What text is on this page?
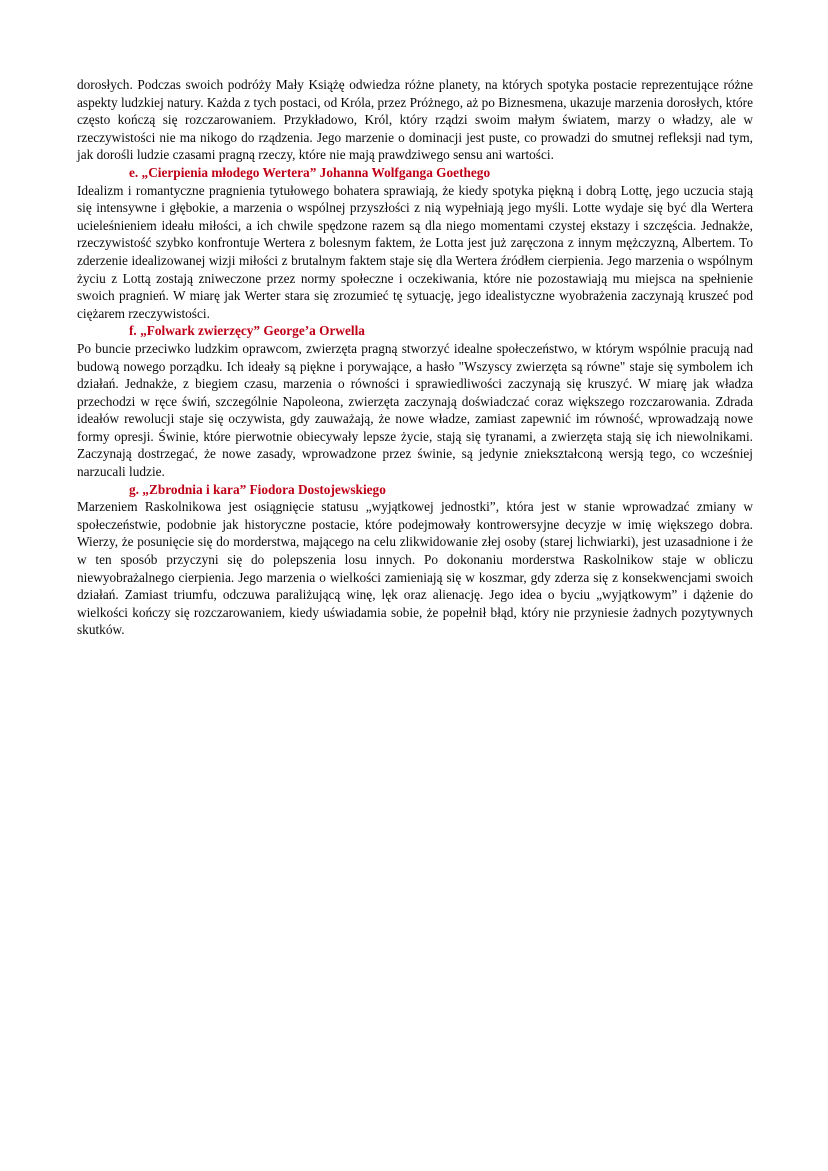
dorosłych. Podczas swoich podróży Mały Książę odwiedza różne planety, na których spotyka postacie reprezentujące różne aspekty ludzkiej natury. Każda z tych postaci, od Króla, przez Próżnego, aż po Biznesmena, ukazuje marzenia dorosłych, które często kończą się rozczarowaniem. Przykładowo, Król, który rządzi swoim małym światem, marzy o władzy, ale w rzeczywistości nie ma nikogo do rządzenia. Jego marzenie o dominacji jest puste, co prowadzi do smutnej refleksji nad tym, jak dorośli ludzie czasami pragną rzeczy, które nie mają prawdziwego sensu ani wartości.

e. „Cierpienia młodego Wertera” Johanna Wolfganga Goethego

Idealizm i romantyczne pragnienia tytułowego bohatera sprawiają, że kiedy spotyka piękną i dobrą Lottę, jego uczucia stają się intensywne i głębokie, a marzenia o wspólnej przyszłości z nią wypełniają jego myśli. Lotte wydaje się być dla Wertera ucieleśnieniem ideału miłości, a ich chwile spędzone razem są dla niego momentami czystej ekstazy i szczęścia. Jednakże, rzeczywistość szybko konfrontuje Wertera z bolesnym faktem, że Lotta jest już zaręczona z innym mężczyzną, Albertem. To zderzenie idealizowanej wizji miłości z brutalnym faktem staje się dla Wertera źródłem cierpienia. Jego marzenia o wspólnym życiu z Lottą zostają zniweczone przez normy społeczne i oczekiwania, które nie pozostawiają mu miejsca na spełnienie swoich pragnień. W miarę jak Werter stara się zrozumieć tę sytuację, jego idealistyczne wyobrażenia zaczynają kruszeć pod ciężarem rzeczywistości.

f. „Folwark zwierzęcy” George’a Orwella

Po buncie przeciwko ludzkim oprawcom, zwierzęta pragną stworzyć idealne społeczeństwo, w którym wspólnie pracują nad budową nowego porządku. Ich ideały są piękne i porywające, a hasło "Wszyscy zwierzęta są równe" staje się symbolem ich działań. Jednakże, z biegiem czasu, marzenia o równości i sprawiedliwości zaczynają się kruszyć. W miarę jak władza przechodzi w ręce świń, szczególnie Napoleona, zwierzęta zaczynają doświadczać coraz większego rozczarowania. Zdrada ideałów rewolucji staje się oczywista, gdy zauważają, że nowe władze, zamiast zapewnić im równość, wprowadzają nowe formy opresji. Świnie, które pierwotnie obiecywały lepsze życie, stają się tyranami, a zwierzęta stają się ich niewolnikami. Zaczynają dostrzegać, że nowe zasady, wprowadzone przez świnie, są jedynie zniekształconą wersją tego, co wcześniej narzucali ludzie.

g. „Zbrodnia i kara” Fiodora Dostojewskiego

Marzeniem Raskolnikowa jest osiągnięcie statusu „wyjątkowej jednostki”, która jest w stanie wprowadzać zmiany w społeczeństwie, podobnie jak historyczne postacie, które podejmowały kontrowersyjne decyzje w imię większego dobra. Wierzy, że posunięcie się do morderstwa, mającego na celu zlikwidowanie złej osoby (starej lichwiarki), jest uzasadnione i że w ten sposób przyczyni się do polepszenia losu innych. Po dokonaniu morderstwa Raskolnikow staje w obliczu niewyobrażalnego cierpienia. Jego marzenia o wielkości zamieniają się w koszmar, gdy zderza się z konsekwencjami swoich działań. Zamiast triumfu, odczuwa paraliżującą winę, lęk oraz alienację. Jego idea o byciu „wyjątkowym” i dążenie do wielkości kończy się rozczarowaniem, kiedy uświadamia sobie, że popełnił błąd, który nie przyniesie żadnych pozytywnych skutków.
